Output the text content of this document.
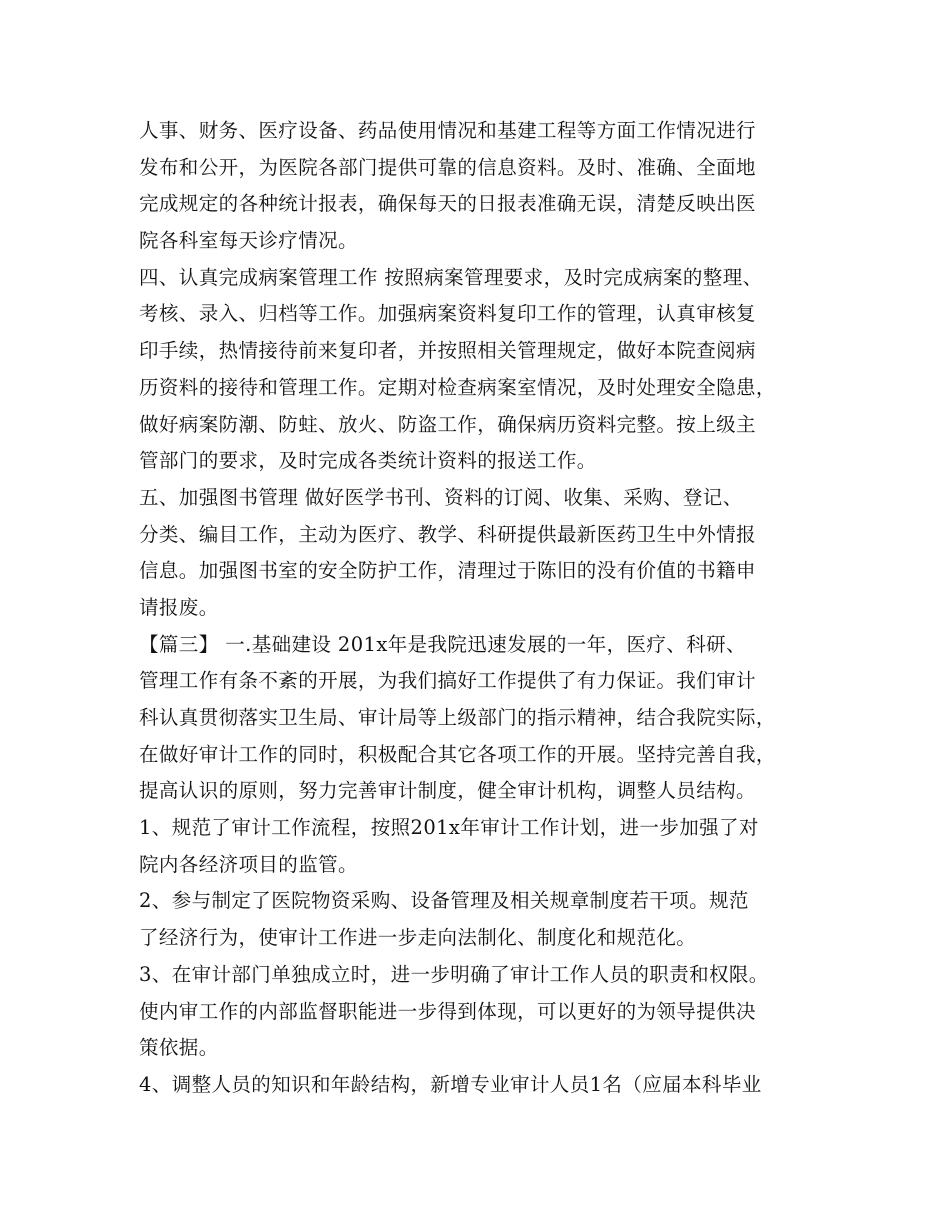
人事、财务、医疗设备、药品使用情况和基建工程等方面工作情况进行
发布和公开，为医院各部门提供可靠的信息资料。及时、准确、全面地
完成规定的各种统计报表，确保每天的日报表准确无误，清楚反映出医
院各科室每天诊疗情况。
四、认真完成病案管理工作 按照病案管理要求，及时完成病案的整理、
考核、录入、归档等工作。加强病案资料复印工作的管理，认真审核复
印手续，热情接待前来复印者，并按照相关管理规定，做好本院查阅病
历资料的接待和管理工作。定期对检查病案室情况，及时处理安全隐患，
做好病案防潮、防蛀、放火、防盗工作，确保病历资料完整。按上级主
管部门的要求，及时完成各类统计资料的报送工作。
五、加强图书管理 做好医学书刊、资料的订阅、收集、采购、登记、
分类、编目工作，主动为医疗、教学、科研提供最新医药卫生中外情报
信息。加强图书室的安全防护工作，清理过于陈旧的没有价值的书籍申
请报废。
【篇三】 一.基础建设 201x年是我院迅速发展的一年，医疗、科研、
管理工作有条不紊的开展，为我们搞好工作提供了有力保证。我们审计
科认真贯彻落实卫生局、审计局等上级部门的指示精神，结合我院实际，
在做好审计工作的同时，积极配合其它各项工作的开展。坚持完善自我，
提高认识的原则，努力完善审计制度，健全审计机构，调整人员结构。
1、规范了审计工作流程，按照201x年审计工作计划，进一步加强了对
院内各经济项目的监管。
2、参与制定了医院物资采购、设备管理及相关规章制度若干项。规范
了经济行为，使审计工作进一步走向法制化、制度化和规范化。
3、在审计部门单独成立时，进一步明确了审计工作人员的职责和权限。
使内审工作的内部监督职能进一步得到体现，可以更好的为领导提供决
策依据。
4、调整人员的知识和年龄结构，新增专业审计人员1名（应届本科毕业
